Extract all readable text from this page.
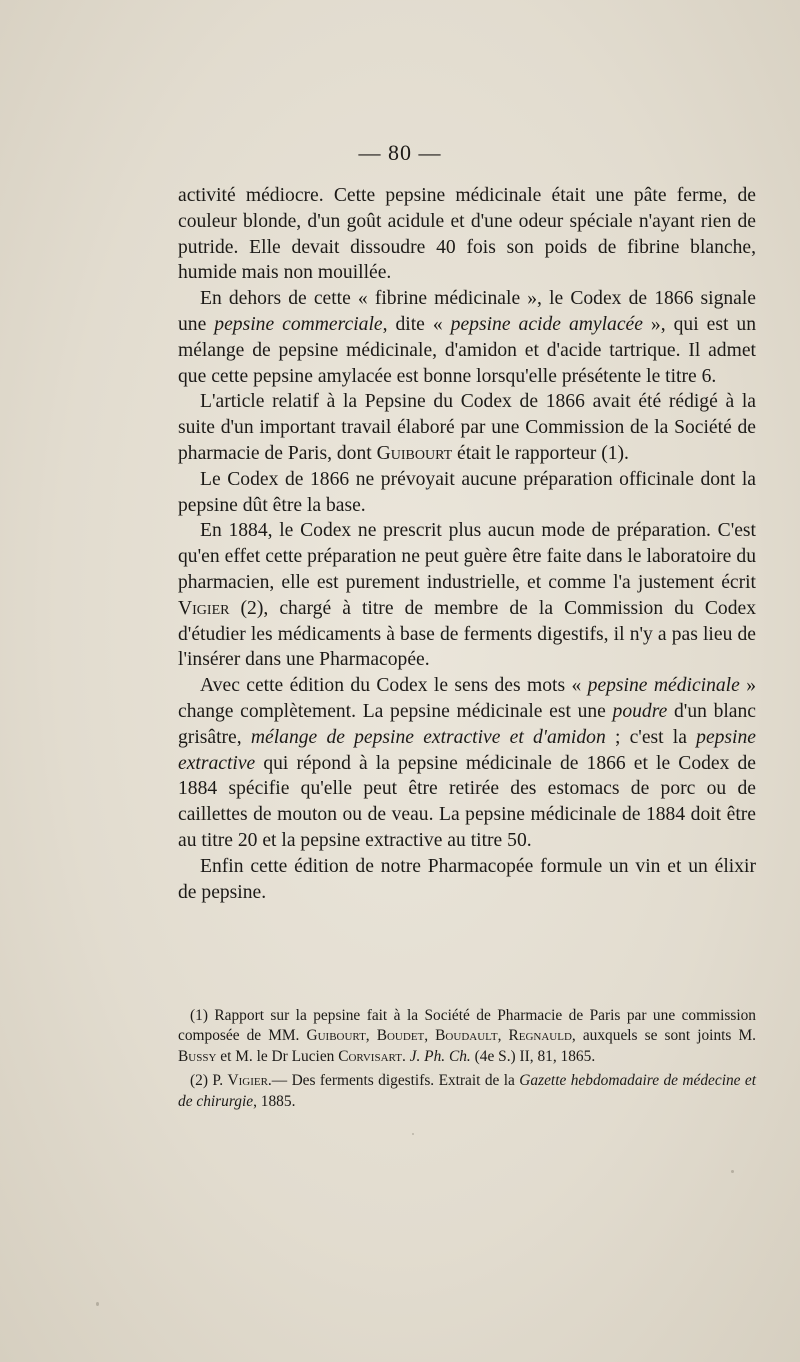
— 80 —

activité médiocre. Cette pepsine médicinale était une pâte ferme, de couleur blonde, d'un goût acidule et d'une odeur spéciale n'ayant rien de putride. Elle devait dissoudre 40 fois son poids de fibrine blanche, humide mais non mouillée.

En dehors de cette « fibrine médicinale », le Codex de 1866 signale une pepsine commerciale, dite « pepsine acide amylacée », qui est un mélange de pepsine médicinale, d'amidon et d'acide tartrique. Il admet que cette pepsine amylacée est bonne lorsqu'elle présétente le titre 6.

L'article relatif à la Pepsine du Codex de 1866 avait été rédigé à la suite d'un important travail élaboré par une Commission de la Société de pharmacie de Paris, dont Guibourt était le rapporteur (1).

Le Codex de 1866 ne prévoyait aucune préparation officinale dont la pepsine dût être la base.

En 1884, le Codex ne prescrit plus aucun mode de préparation. C'est qu'en effet cette préparation ne peut guère être faite dans le laboratoire du pharmacien, elle est purement industrielle, et comme l'a justement écrit Vigier (2), chargé à titre de membre de la Commission du Codex d'étudier les médicaments à base de ferments digestifs, il n'y a pas lieu de l'insérer dans une Pharmacopée.

Avec cette édition du Codex le sens des mots « pepsine médicinale » change complètement. La pepsine médicinale est une poudre d'un blanc grisâtre, mélange de pepsine extractive et d'amidon ; c'est la pepsine extractive qui répond à la pepsine médicinale de 1866 et le Codex de 1884 spécifie qu'elle peut être retirée des estomacs de porc ou de caillettes de mouton ou de veau. La pepsine médicinale de 1884 doit être au titre 20 et la pepsine extractive au titre 50.

Enfin cette édition de notre Pharmacopée formule un vin et un élixir de pepsine.

(1) Rapport sur la pepsine fait à la Société de Pharmacie de Paris par une commission composée de MM. Guibourt, Boudet, Boudault, Regnauld, auxquels se sont joints M. Bussy et M. le Dr Lucien Corvisart. J. Ph. Ch. (4e S.) II, 81, 1865.

(2) P. Vigier.— Des ferments digestifs. Extrait de la Gazette hebdomadaire de médecine et de chirurgie, 1885.
